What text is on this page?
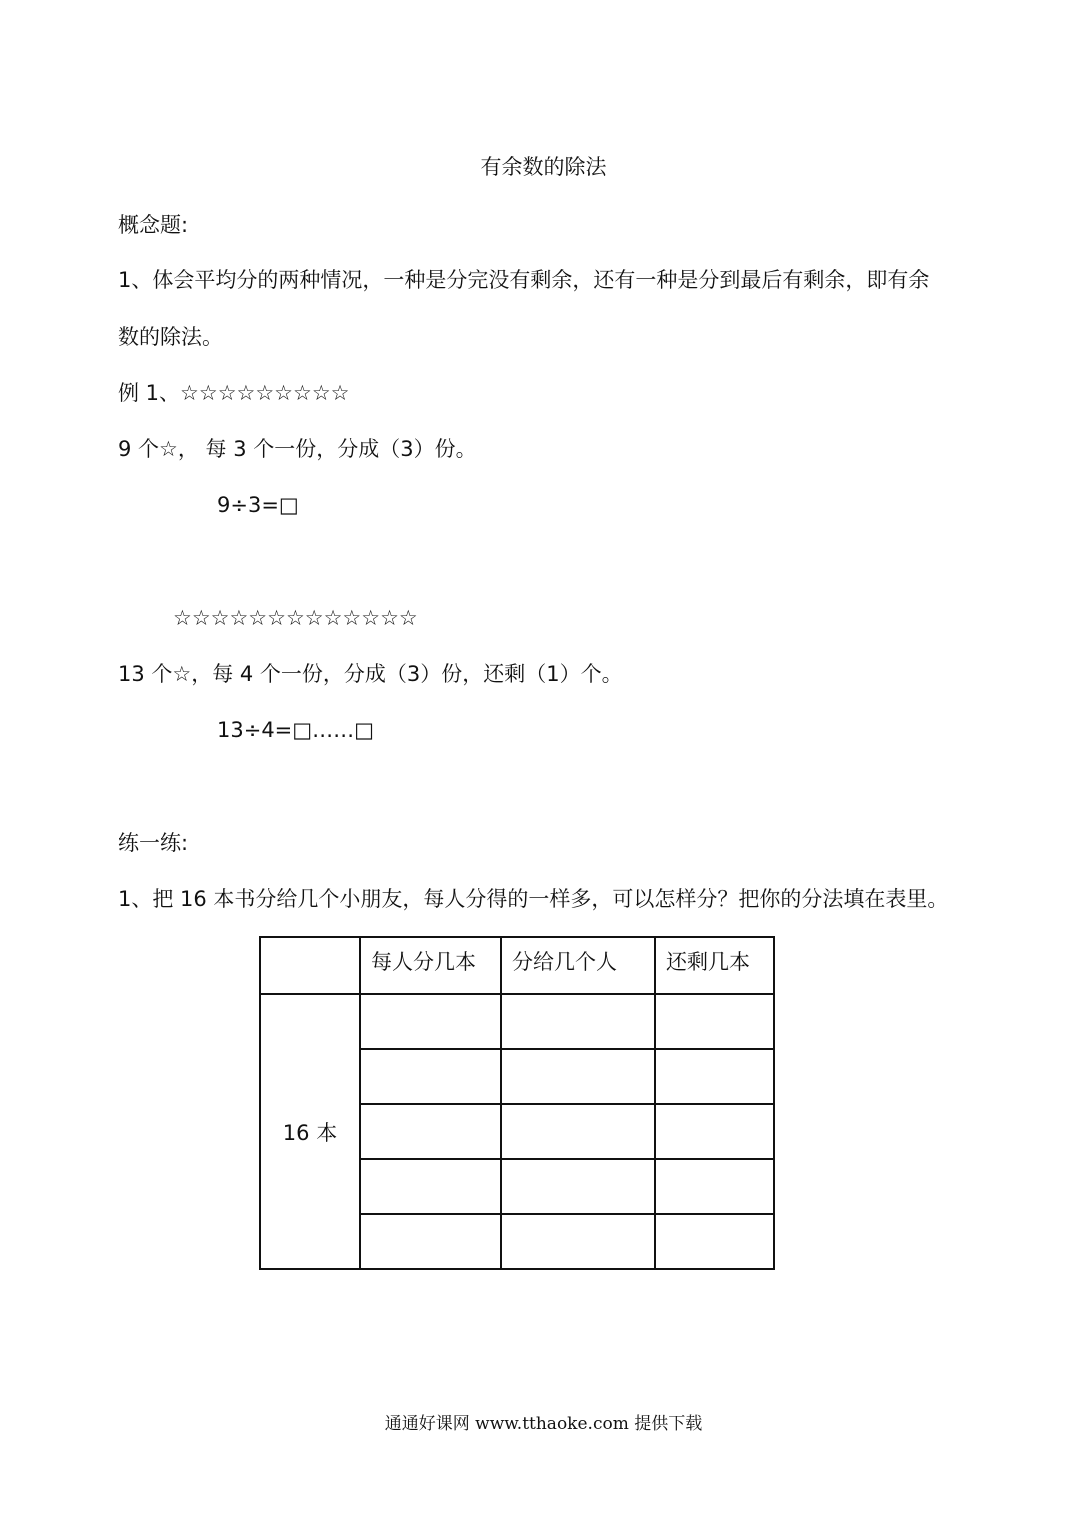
有余数的除法
概念题:
1、体会平均分的两种情况，一种是分完没有剩余，还有一种是分到最后有剩余，即有余
数的除法。
例 1、☆☆☆☆☆☆☆☆☆
9 个☆， 每 3 个一份，分成（3）份。
9÷3=□
☆☆☆☆☆☆☆☆☆☆☆☆☆
13 个☆，每 4 个一份，分成（3）份，还剩（1）个。
13÷4=□……□
练一练:
1、把 16 本书分给几个小朋友，每人分得的一样多，可以怎样分？把你的分法填在表里。
	每人分几本	分给几个人	还剩几本
16 本			

通通好课网 www.tthaoke.com 提供下载
